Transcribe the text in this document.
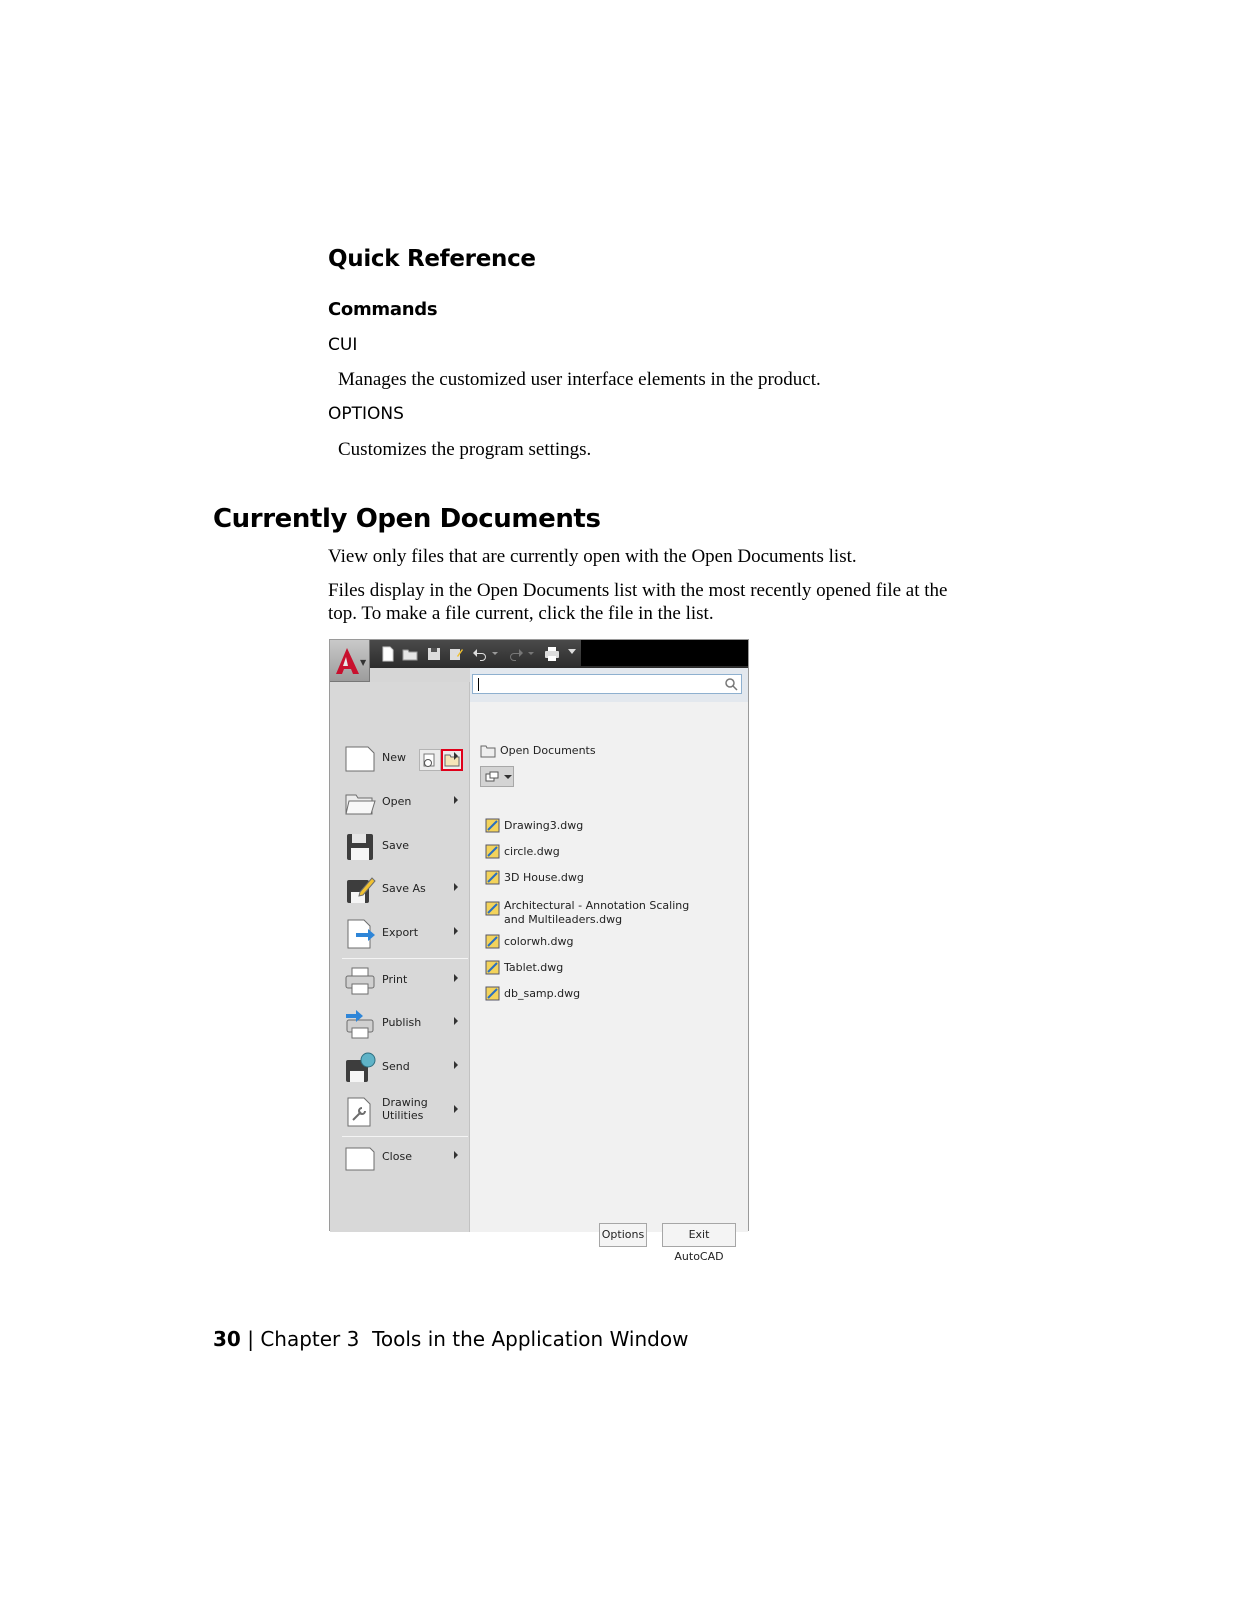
Quick Reference
Commands
CUI
Manages the customized user interface elements in the product.
OPTIONS
Customizes the program settings.
Currently Open Documents
View only files that are currently open with the Open Documents list.
Files display in the Open Documents list with the most recently opened file at the top. To make a file current, click the file in the list.
New
Open
Save
Save As
Export
Print
Publish
Send
Drawing Utilities
Close
▼
Open Documents
Drawing3.dwg
circle.dwg
3D House.dwg
Architectural - Annotation Scaling and Multileaders.dwg
colorwh.dwg
Tablet.dwg
db_samp.dwg
Options	Exit AutoCAD
30 | Chapter 3 Tools in the Application Window
